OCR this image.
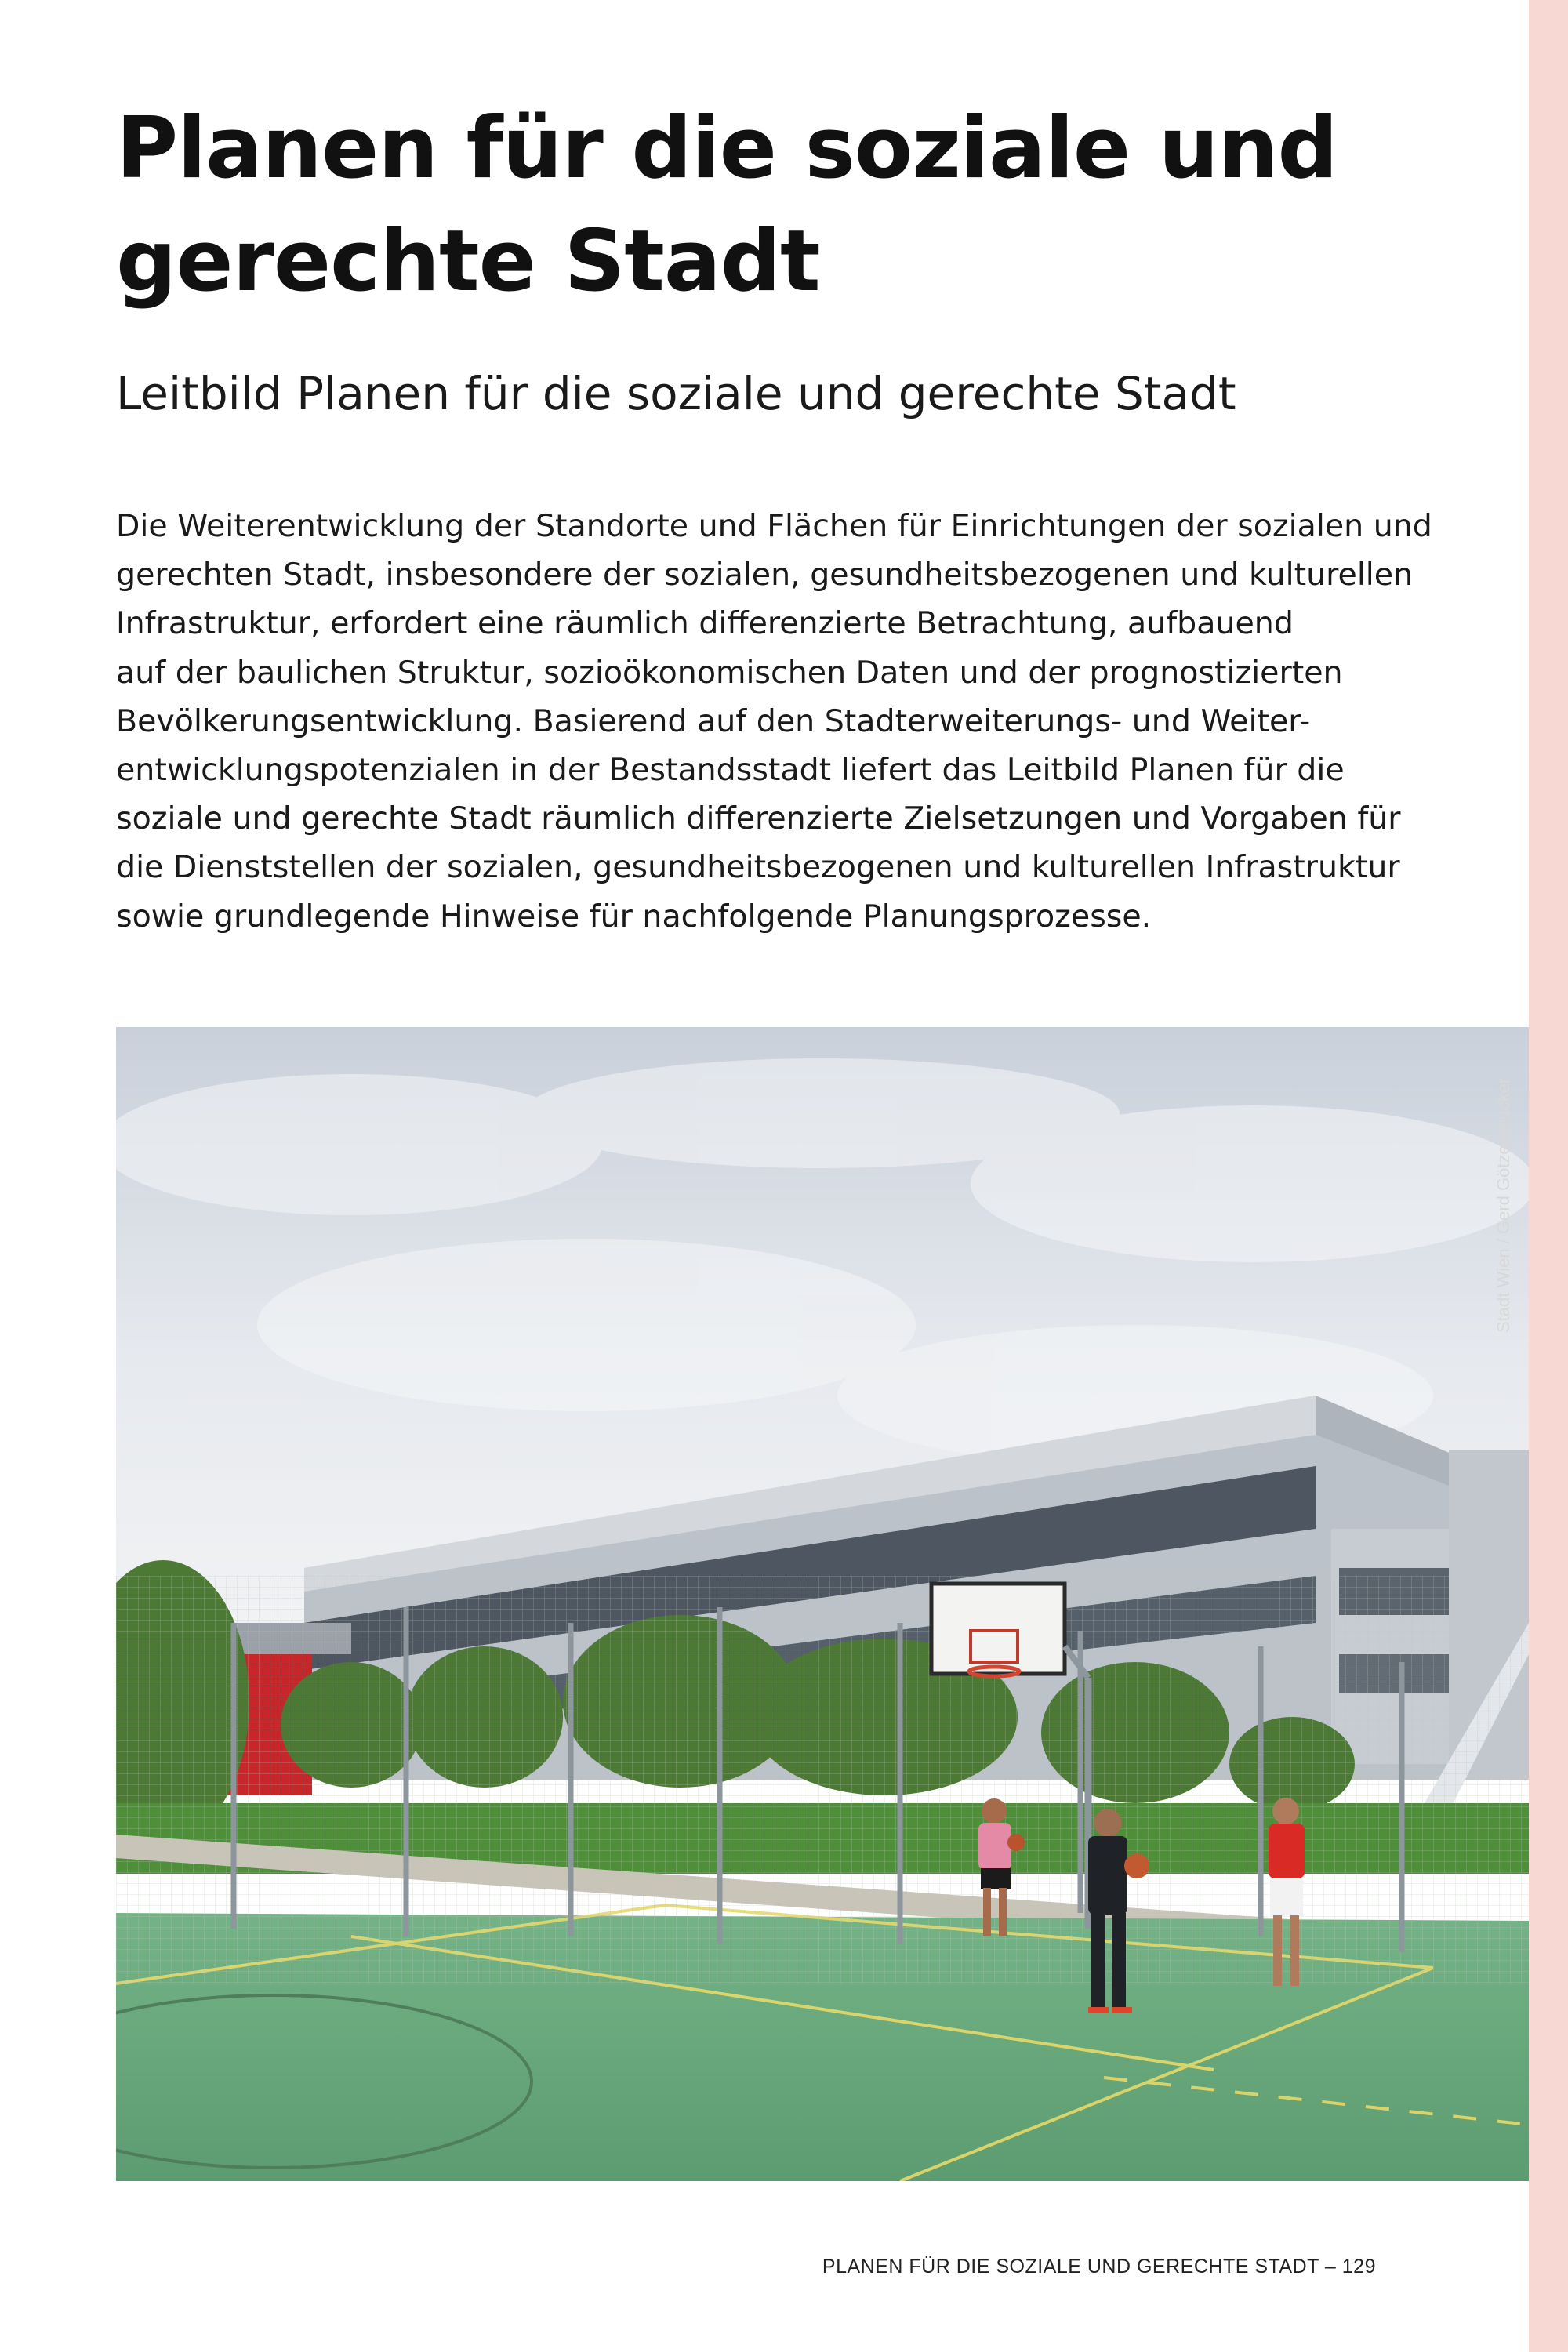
Planen für die soziale und
gerechte Stadt
Leitbild Planen für die soziale und gerechte Stadt

Die Weiterentwicklung der Standorte und Flächen für Einrichtungen der sozialen und
gerechten Stadt, insbesondere der sozialen, gesundheitsbezogenen und kulturellen
Infrastruktur, erfordert eine räumlich differenzierte Betrachtung, aufbauend
auf der baulichen Struktur, sozioökonomischen Daten und der prognostizierten
Bevölkerungsentwicklung. Basierend auf den Stadterweiterungs- und Weiter-
entwicklungspotenzialen in der Bestandsstadt liefert das Leitbild Planen für die
soziale und gerechte Stadt räumlich differenzierte Zielsetzungen und Vorgaben für
die Dienststellen der sozialen, gesundheitsbezogenen und kulturellen Infrastruktur
sowie grundlegende Hinweise für nachfolgende Planungsprozesse.

Stadt Wien / Gerd Götzenbrucker
PLANEN FÜR DIE SOZIALE UND GERECHTE STADT – 129
